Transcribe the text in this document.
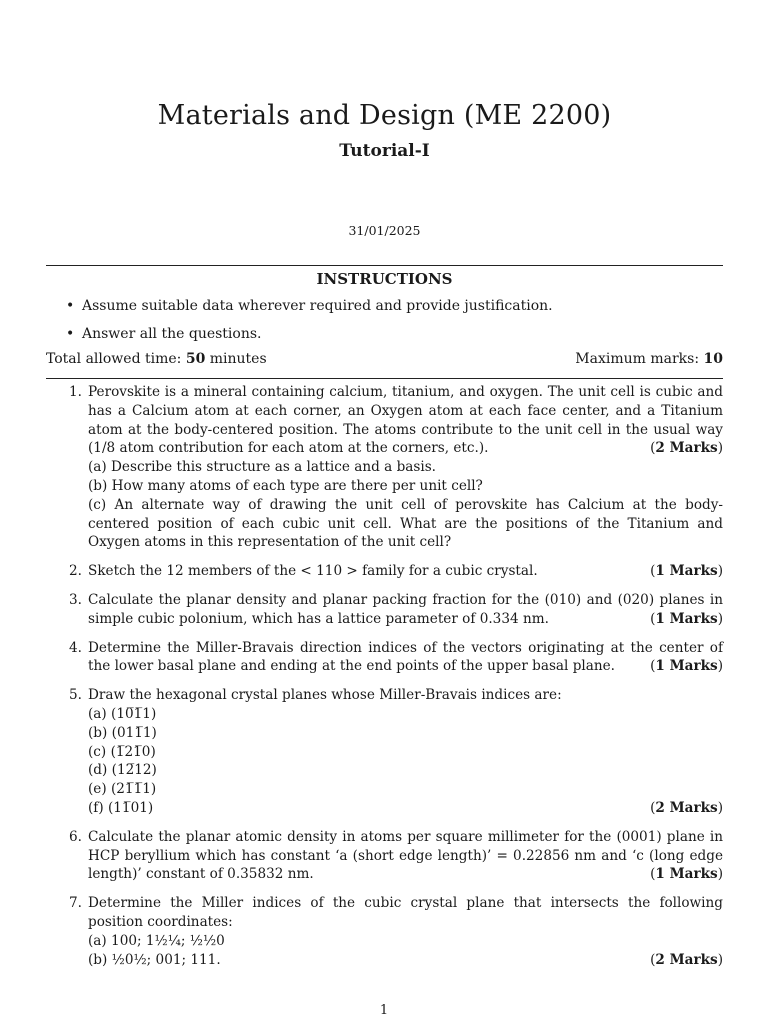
Materials and Design (ME 2200)
Tutorial-I
31/01/2025
INSTRUCTIONS
• Assume suitable data wherever required and provide justification.
• Answer all the questions.
Total allowed time: 50 minutes	Maximum marks: 10
1. Perovskite is a mineral containing calcium, titanium, and oxygen. The unit cell is cubic and has a Calcium atom at each corner, an Oxygen atom at each face center, and a Titanium atom at the body-centered position. The atoms contribute to the unit cell in the usual way (1/8 atom contribution for each atom at the corners, etc.).	(2 Marks)
(a) Describe this structure as a lattice and a basis.
(b) How many atoms of each type are there per unit cell?
(c) An alternate way of drawing the unit cell of perovskite has Calcium at the body-centered position of each cubic unit cell. What are the positions of the Titanium and Oxygen atoms in this representation of the unit cell?
2. Sketch the 12 members of the < 110 > family for a cubic crystal.	(1 Marks)
3. Calculate the planar density and planar packing fraction for the (010) and (020) planes in simple cubic polonium, which has a lattice parameter of 0.334 nm.	(1 Marks)
4. Determine the Miller-Bravais direction indices of the vectors originating at the center of the lower basal plane and ending at the end points of the upper basal plane.	(1 Marks)
5. Draw the hexagonal crystal planes whose Miller-Bravais indices are:
(a) (10̅1̅1)
(b) (011̅1)
(c) (1̅21̅0)
(d) (12̅12)
(e) (21̅1̅1)
(f) (11̅01)	(2 Marks)
6. Calculate the planar atomic density in atoms per square millimeter for the (0001) plane in HCP beryllium which has constant ‘a (short edge length)’ = 0.22856 nm and ‘c (long edge length)’ constant of 0.35832 nm.	(1 Marks)
7. Determine the Miller indices of the cubic crystal plane that intersects the following position coordinates:
(a) 100; 1½¼; ½½0
(b) ½0½; 001; 111.	(2 Marks)
1
